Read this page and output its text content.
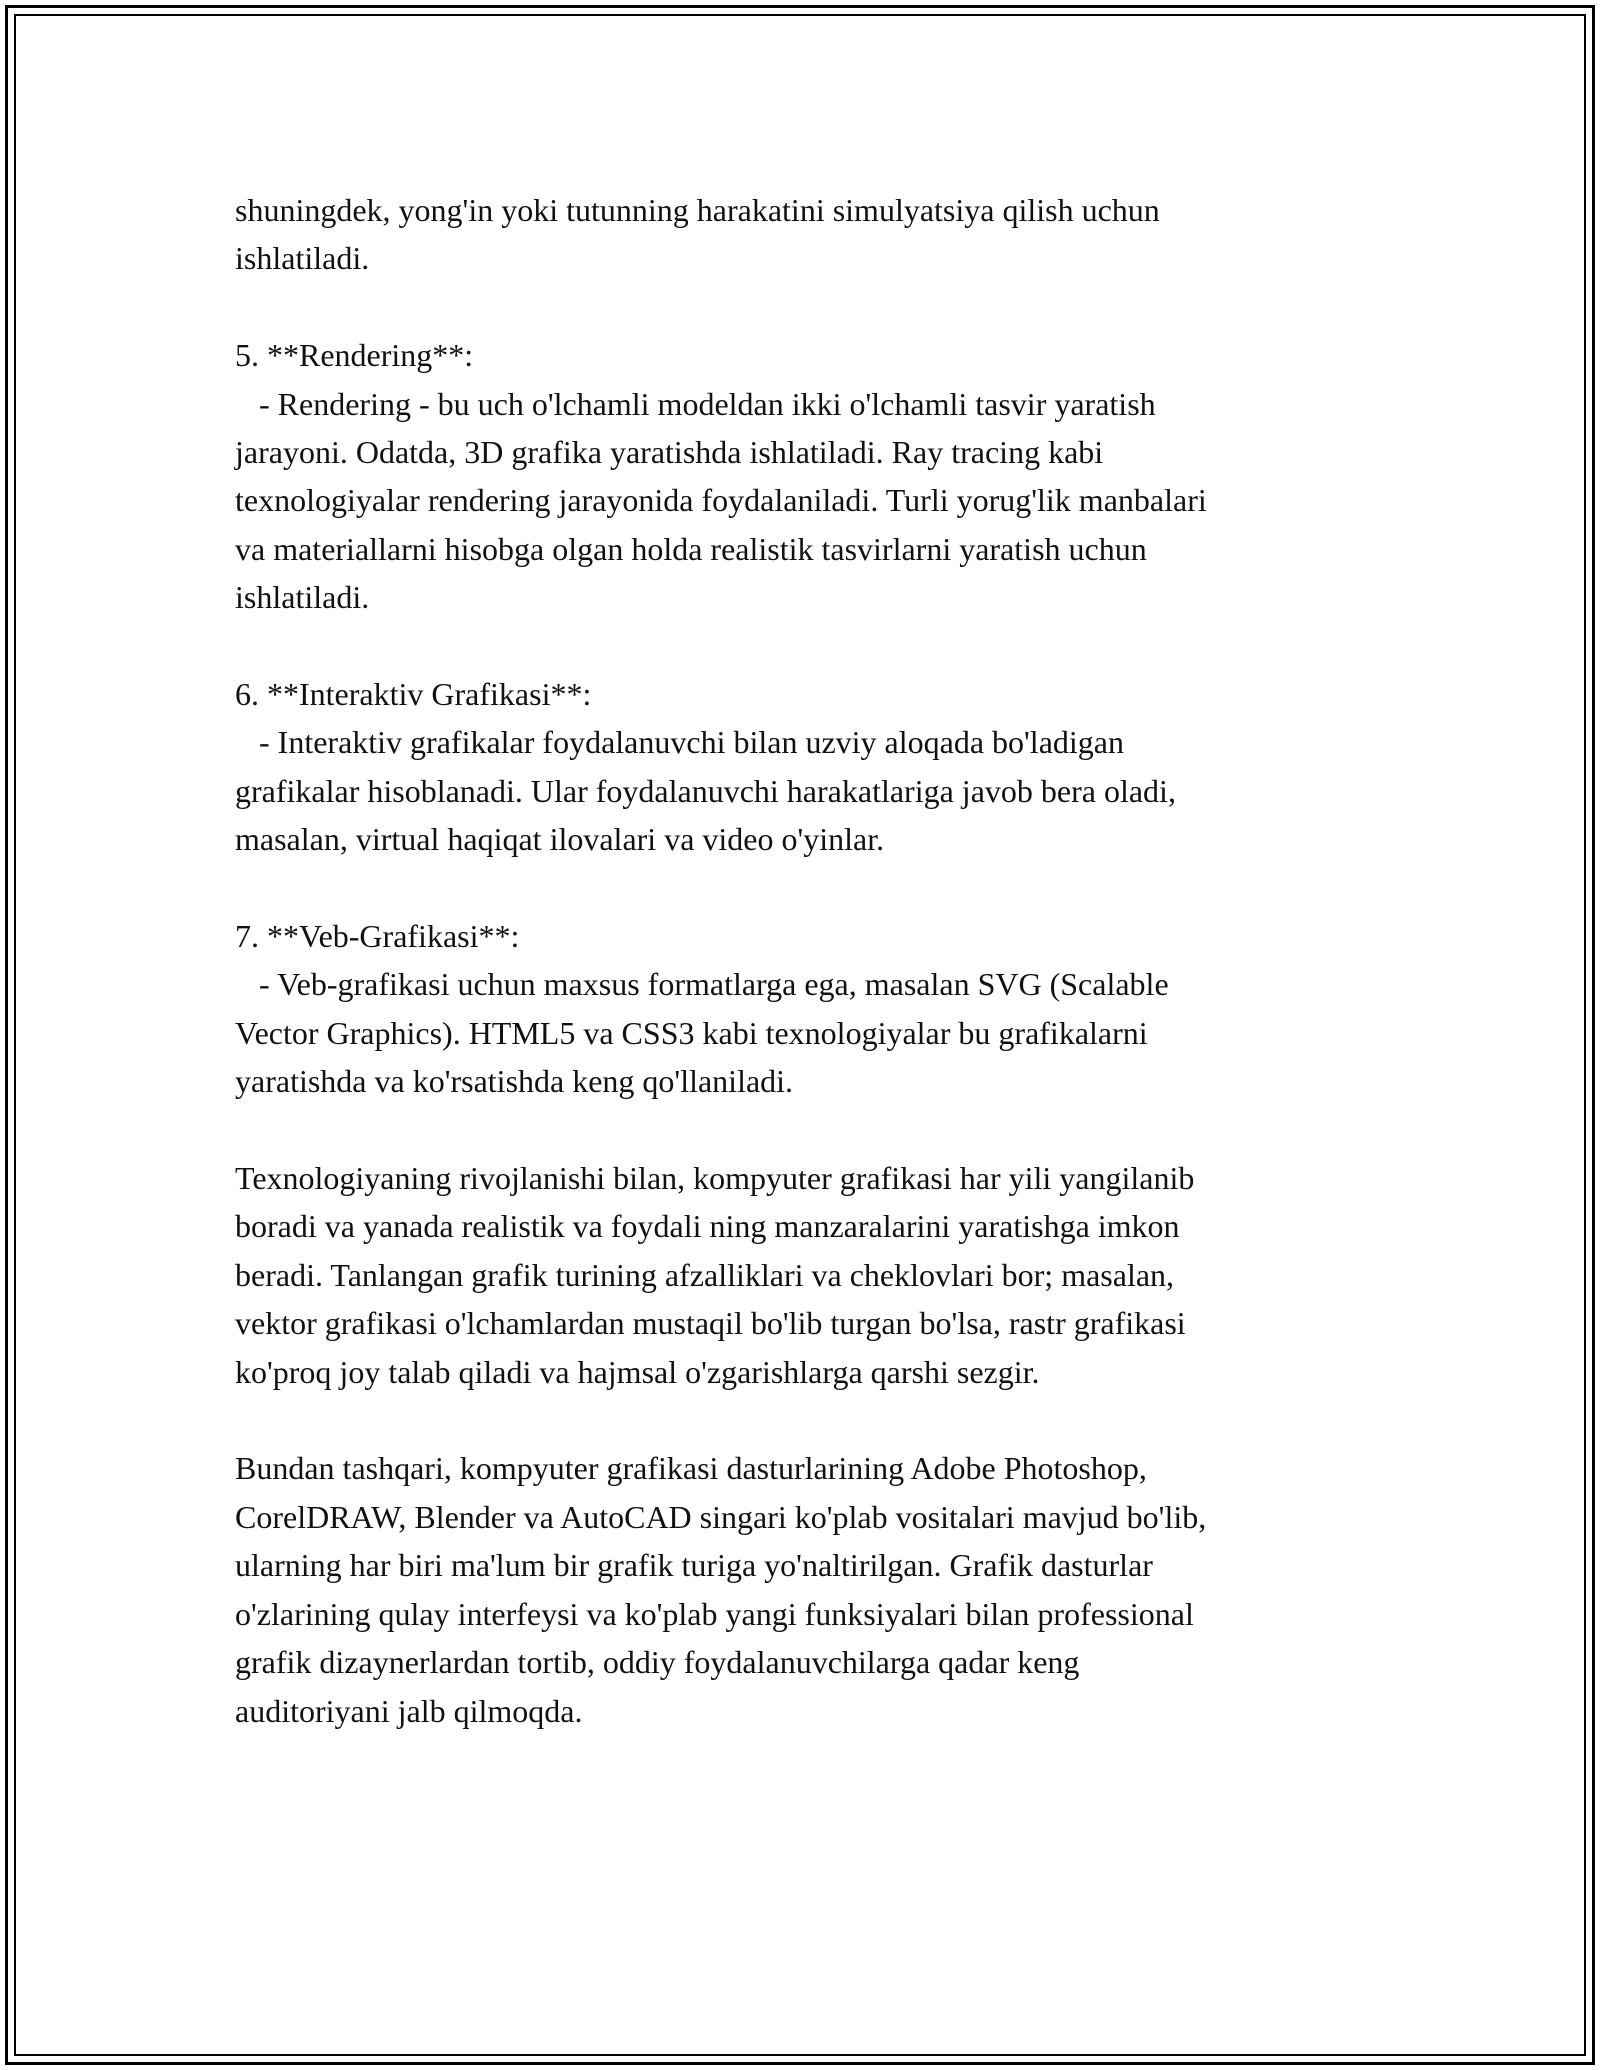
shuningdek, yong'in yoki tutunning harakatini simulyatsiya qilish uchun
ishlatiladi.

5. **Rendering**:
- Rendering - bu uch o'lchamli modeldan ikki o'lchamli tasvir yaratish
jarayoni. Odatda, 3D grafika yaratishda ishlatiladi. Ray tracing kabi
texnologiyalar rendering jarayonida foydalaniladi. Turli yorug'lik manbalari
va materiallarni hisobga olgan holda realistik tasvirlarni yaratish uchun
ishlatiladi.

6. **Interaktiv Grafikasi**:
- Interaktiv grafikalar foydalanuvchi bilan uzviy aloqada bo'ladigan
grafikalar hisoblanadi. Ular foydalanuvchi harakatlariga javob bera oladi,
masalan, virtual haqiqat ilovalari va video o'yinlar.

7. **Veb-Grafikasi**:
- Veb-grafikasi uchun maxsus formatlarga ega, masalan SVG (Scalable
Vector Graphics). HTML5 va CSS3 kabi texnologiyalar bu grafikalarni
yaratishda va ko'rsatishda keng qo'llaniladi.

Texnologiyaning rivojlanishi bilan, kompyuter grafikasi har yili yangilanib
boradi va yanada realistik va foydali ning manzaralarini yaratishga imkon
beradi. Tanlangan grafik turining afzalliklari va cheklovlari bor; masalan,
vektor grafikasi o'lchamlardan mustaqil bo'lib turgan bo'lsa, rastr grafikasi
ko'proq joy talab qiladi va hajmsal o'zgarishlarga qarshi sezgir.

Bundan tashqari, kompyuter grafikasi dasturlarining Adobe Photoshop,
CorelDRAW, Blender va AutoCAD singari ko'plab vositalari mavjud bo'lib,
ularning har biri ma'lum bir grafik turiga yo'naltirilgan. Grafik dasturlar
o'zlarining qulay interfeysi va ko'plab yangi funksiyalari bilan professional
grafik dizaynerlardan tortib, oddiy foydalanuvchilarga qadar keng
auditoriyani jalb qilmoqda.
